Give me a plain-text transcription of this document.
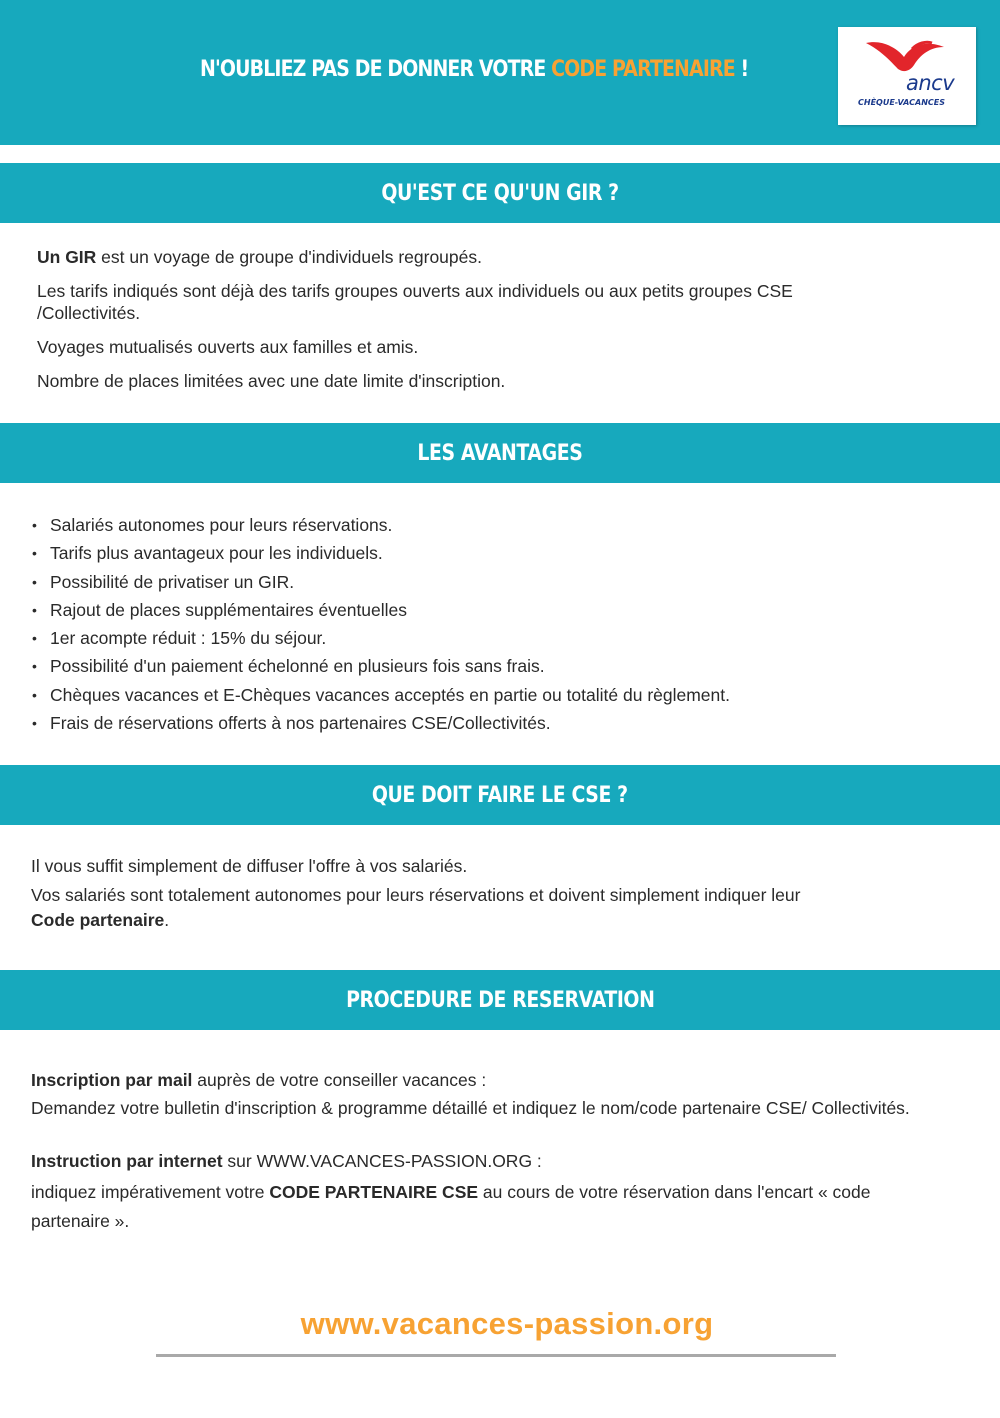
N'OUBLIEZ PAS DE DONNER VOTRE CODE PARTENAIRE !
ancv
CHÈQUE-VACANCES
QU'EST CE QU'UN GIR ?

Un GIR est un voyage de groupe d'individuels regroupés.

Les tarifs indiqués sont déjà des tarifs groupes ouverts aux individuels ou aux petits groupes CSE /Collectivités.

Voyages mutualisés ouverts aux familles et amis.

Nombre de places limitées avec une date limite d'inscription.

LES AVANTAGES
• Salariés autonomes pour leurs réservations.
• Tarifs plus avantageux pour les individuels.
• Possibilité de privatiser un GIR.
• Rajout de places supplémentaires éventuelles
• 1er acompte réduit : 15% du séjour.
• Possibilité d'un paiement échelonné en plusieurs fois sans frais.
• Chèques vacances et E-Chèques vacances acceptés en partie ou totalité du règlement.
• Frais de réservations offerts à nos partenaires CSE/Collectivités.
QUE DOIT FAIRE LE CSE ?

Il vous suffit simplement de diffuser l'offre à vos salariés.

Vos salariés sont totalement autonomes pour leurs réservations et doivent simplement indiquer leur
Code partenaire.

PROCEDURE DE RESERVATION

Inscription par mail auprès de votre conseiller vacances :

Demandez votre bulletin d'inscription & programme détaillé et indiquez le nom/code partenaire CSE/ Collectivités.

Instruction par internet sur WWW.VACANCES-PASSION.ORG :

indiquez impérativement votre CODE PARTENAIRE CSE au cours de votre réservation dans l'encart « code partenaire ».

www.vacances-passion.org
